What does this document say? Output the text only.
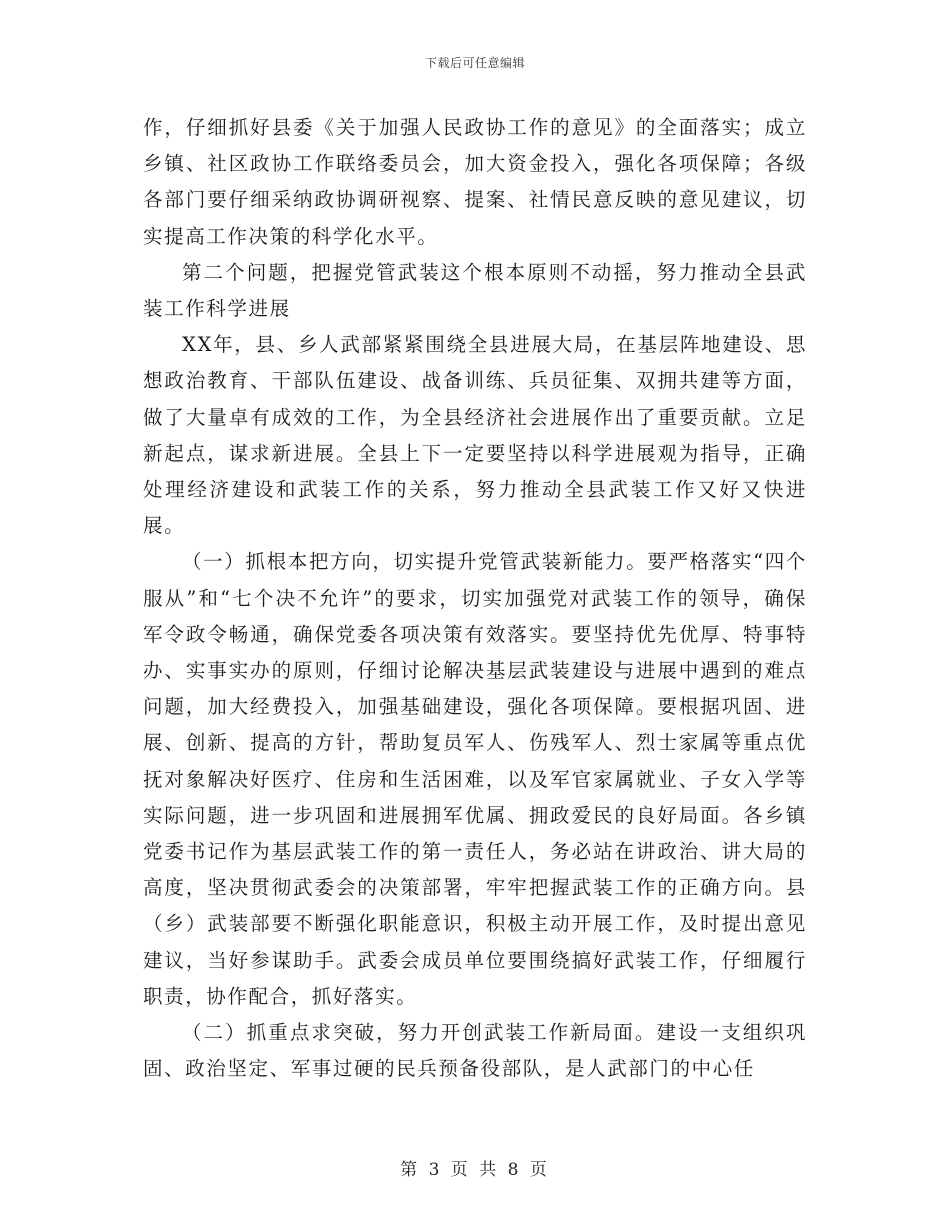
下载后可任意编辑

作，仔细抓好县委《关于加强人民政协工作的意见》的全面落实；成立乡镇、社区政协工作联络委员会，加大资金投入，强化各项保障；各级各部门要仔细采纳政协调研视察、提案、社情民意反映的意见建议，切实提高工作决策的科学化水平。

第二个问题，把握党管武装这个根本原则不动摇，努力推动全县武装工作科学进展

XX年，县、乡人武部紧紧围绕全县进展大局，在基层阵地建设、思想政治教育、干部队伍建设、战备训练、兵员征集、双拥共建等方面，做了大量卓有成效的工作，为全县经济社会进展作出了重要贡献。立足新起点，谋求新进展。全县上下一定要坚持以科学进展观为指导，正确处理经济建设和武装工作的关系，努力推动全县武装工作又好又快进展。

（一）抓根本把方向，切实提升党管武装新能力。要严格落实“四个服从”和“七个决不允许”的要求，切实加强党对武装工作的领导，确保军令政令畅通，确保党委各项决策有效落实。要坚持优先优厚、特事特办、实事实办的原则，仔细讨论解决基层武装建设与进展中遇到的难点问题，加大经费投入，加强基础建设，强化各项保障。要根据巩固、进展、创新、提高的方针，帮助复员军人、伤残军人、烈士家属等重点优抚对象解决好医疗、住房和生活困难，以及军官家属就业、子女入学等实际问题，进一步巩固和进展拥军优属、拥政爱民的良好局面。各乡镇党委书记作为基层武装工作的第一责任人，务必站在讲政治、讲大局的高度，坚决贯彻武委会的决策部署，牢牢把握武装工作的正确方向。县（乡）武装部要不断强化职能意识，积极主动开展工作，及时提出意见建议，当好参谋助手。武委会成员单位要围绕搞好武装工作，仔细履行职责，协作配合，抓好落实。

（二）抓重点求突破，努力开创武装工作新局面。建设一支组织巩固、政治坚定、军事过硬的民兵预备役部队，是人武部门的中心任

第 3 页 共 8 页
